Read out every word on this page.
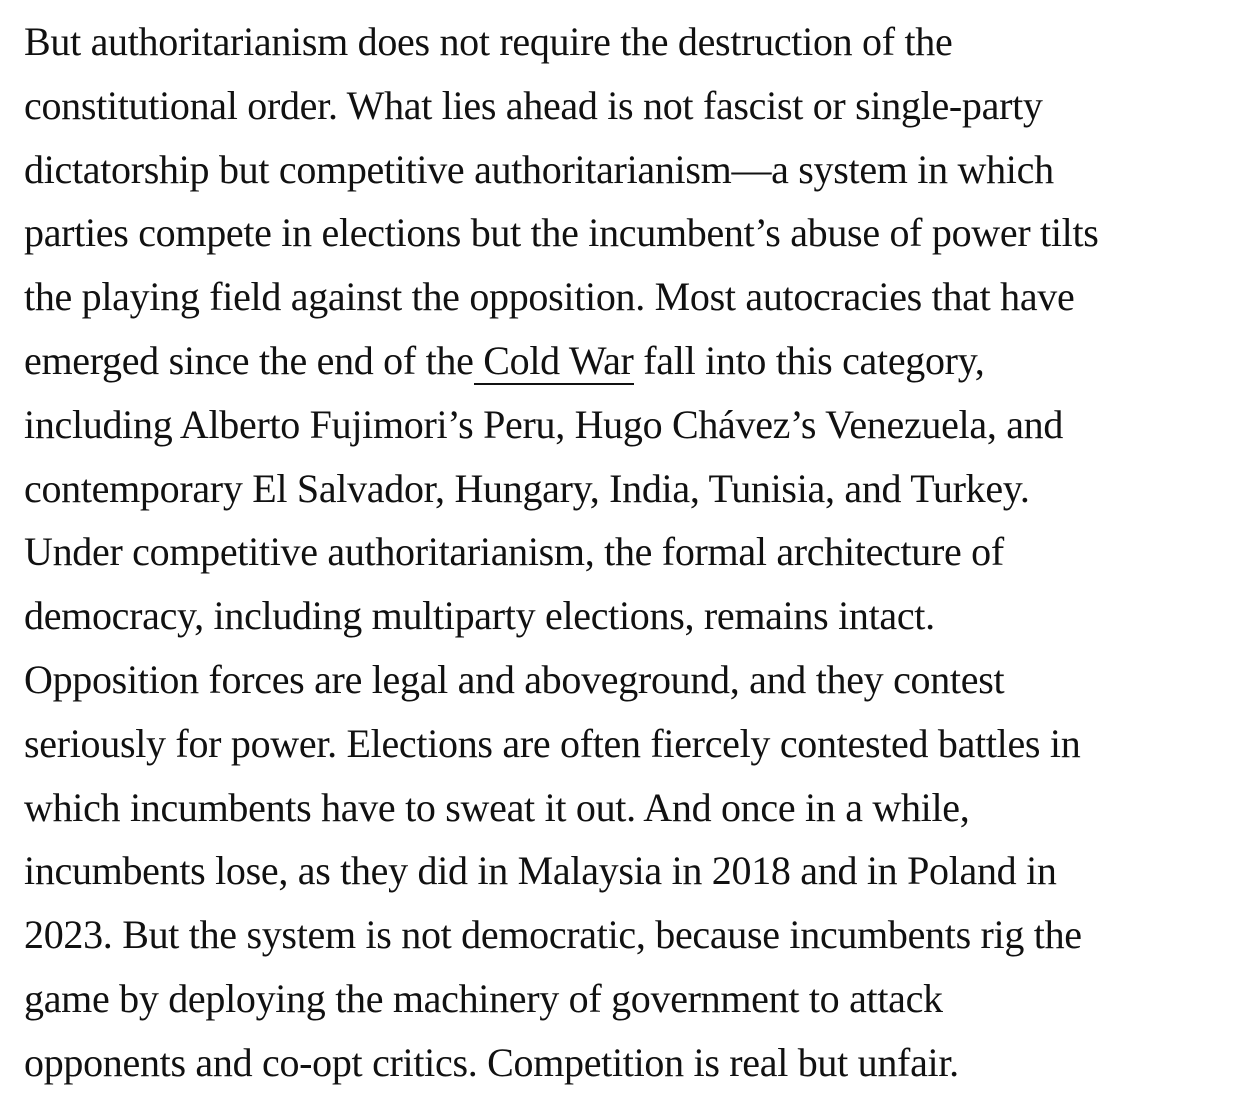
But authoritarianism does not require the destruction of the
constitutional order. What lies ahead is not fascist or single-party
dictatorship but competitive authoritarianism—a system in which
parties compete in elections but the incumbent’s abuse of power tilts
the playing field against the opposition. Most autocracies that have
emerged since the end of the Cold War fall into this category,
including Alberto Fujimori’s Peru, Hugo Chávez’s Venezuela, and
contemporary El Salvador, Hungary, India, Tunisia, and Turkey.
Under competitive authoritarianism, the formal architecture of
democracy, including multiparty elections, remains intact.
Opposition forces are legal and aboveground, and they contest
seriously for power. Elections are often fiercely contested battles in
which incumbents have to sweat it out. And once in a while,
incumbents lose, as they did in Malaysia in 2018 and in Poland in
2023. But the system is not democratic, because incumbents rig the
game by deploying the machinery of government to attack
opponents and co-opt critics. Competition is real but unfair.
